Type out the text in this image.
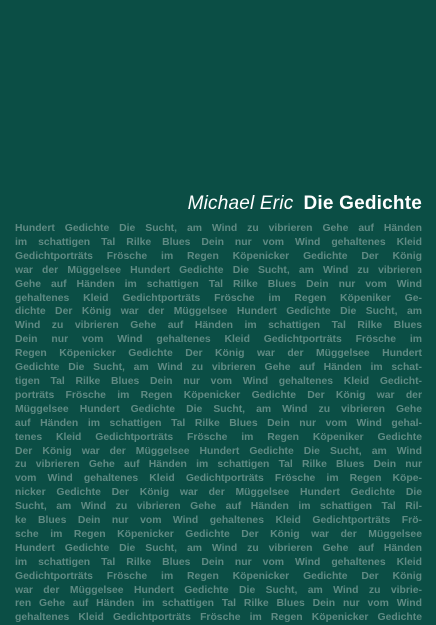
Michael Eric Die Gedichte
Hundert Gedichte Die Sucht, am Wind zu vibrieren Gehe auf Händen
im schattigen Tal Rilke Blues Dein nur vom Wind gehaltenes Kleid
Gedichtporträts Frösche im Regen Köpenicker Gedichte Der König
war der Müggelsee Hundert Gedichte Die Sucht, am Wind zu vibrieren
Gehe auf Händen im schattigen Tal Rilke Blues Dein nur vom Wind
gehaltenes Kleid Gedichtporträts Frösche im Regen Köpeniker Ge-
dichte Der König war der Müggelsee Hundert Gedichte Die Sucht, am
Wind zu vibrieren Gehe auf Händen im schattigen Tal Rilke Blues
Dein nur vom Wind gehaltenes Kleid Gedichtporträts Frösche im
Regen Köpenicker Gedichte Der König war der Müggelsee Hundert
Gedichte Die Sucht, am Wind zu vibrieren Gehe auf Händen im schat-
tigen Tal Rilke Blues Dein nur vom Wind gehaltenes Kleid Gedicht-
porträts Frösche im Regen Köpenicker Gedichte Der König war der
Müggelsee Hundert Gedichte Die Sucht, am Wind zu vibrieren Gehe
auf Händen im schattigen Tal Rilke Blues Dein nur vom Wind gehal-
tenes Kleid Gedichtporträts Frösche im Regen Köpeniker Gedichte
Der König war der Müggelsee Hundert Gedichte Die Sucht, am Wind
zu vibrieren Gehe auf Händen im schattigen Tal Rilke Blues Dein nur
vom Wind gehaltenes Kleid Gedichtporträts Frösche im Regen Köpe-
nicker Gedichte Der König war der Müggelsee Hundert Gedichte Die
Sucht, am Wind zu vibrieren Gehe auf Händen im schattigen Tal Ril-
ke Blues Dein nur vom Wind gehaltenes Kleid Gedichtporträts Frö-
sche im Regen Köpenicker Gedichte Der König war der Müggelsee
Hundert Gedichte Die Sucht, am Wind zu vibrieren Gehe auf Händen
im schattigen Tal Rilke Blues Dein nur vom Wind gehaltenes Kleid
Gedichtporträts Frösche im Regen Köpenicker Gedichte Der König
war der Müggelsee Hundert Gedichte Die Sucht, am Wind zu vibrie-
ren Gehe auf Händen im schattigen Tal Rilke Blues Dein nur vom Wind
gehaltenes Kleid Gedichtporträts Frösche im Regen Köpenicker Gedichte
